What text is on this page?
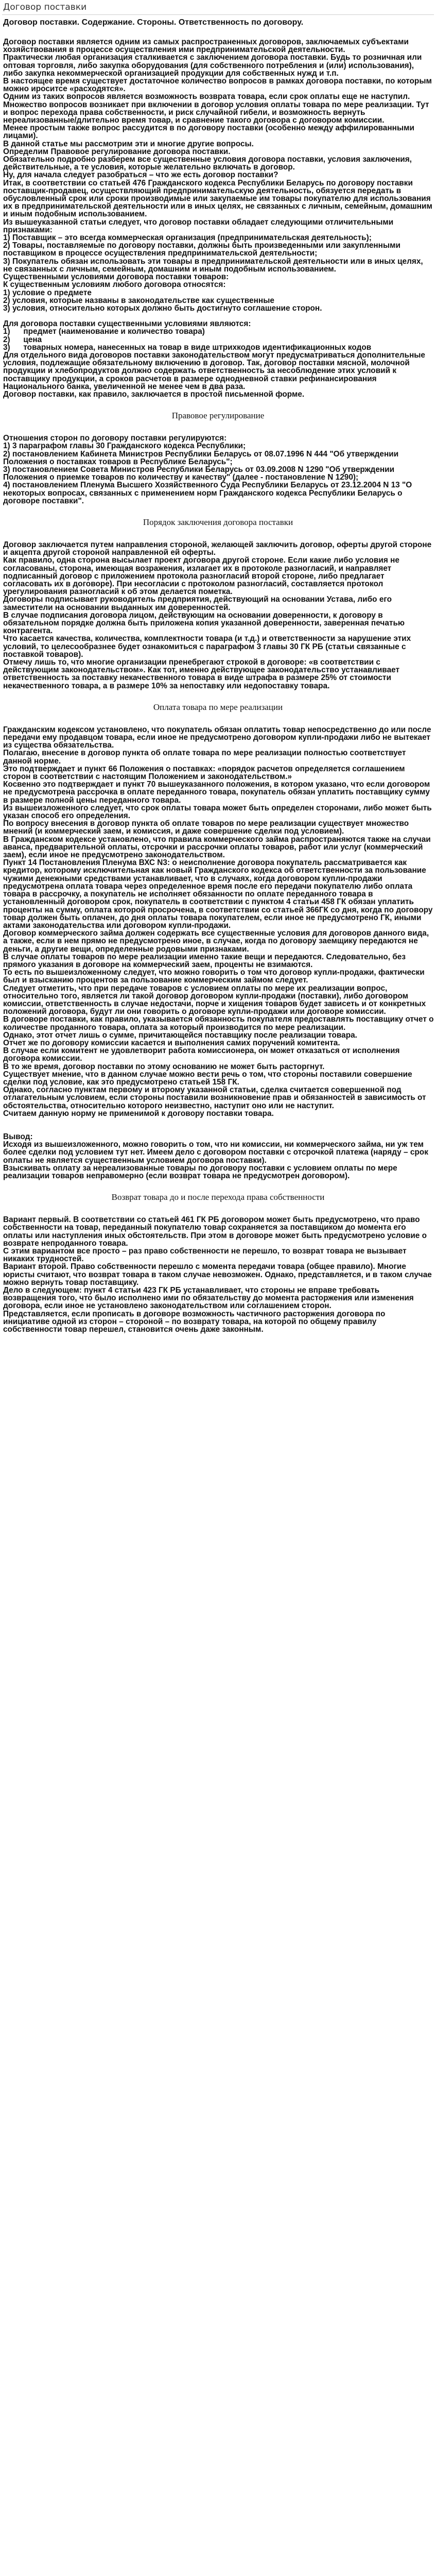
Договор поставки
Договор поставки. Содержание. Стороны. Ответственность по договору.

Договор поставки является одним из самых распространенных договоров, заключаемых субъектами хозяйствования в процессе осуществления ими предпринимательской деятельности.

Практически любая организация сталкивается с заключением договора поставки. Будь то розничная или оптовая торговля, либо закупка оборудования (для собственного потребления и (или) использования), либо закупка некоммерческой организацией продукции для собственных нужд и т.п.

В настоящее время существует достаточное количество вопросов в рамках договора поставки, по которым можно ироситсе «расходятся».

Одним из таких вопросов является возможность возврата товара, если срок оплаты еще не наступил.

Множество вопросов возникает при включении в договор условия оплаты товара по мере реализации. Тут и вопрос перехода права собственности, и риск случайной гибели, и возможность вернуть нереализованные/длительно время товар, и сравнение такого договора с договором комиссии.

Менее простым также вопрос рассудится в по договору поставки (особенно между аффилированными лицами).

В данной статье мы рассмотрим эти и многие другие вопросы.

Определим Правовое регулирование договора поставки.

Обязательно подробно разберем все существенные условия договора поставки, условия заключения, действительные, а те условия, которые желательно включать в договор.

Ну, для начала следует разобраться – что же есть договор поставки?

Итак, в соответствии со статьей 476 Гражданского кодекса Республики Беларусь по договору поставки поставщик-продавец, осуществляющий предпринимательскую деятельность, обязуется передать в обусловленный срок или сроки производимые или закупаемые им товары покупателю для использования их в предпринимательской деятельности или в иных целях, не связанных с личным, семейным, домашним и иным подобным использованием.

Из вышеуказанной статьи следует, что договор поставки обладает следующими отличительными признаками:

1) Поставщик – это всегда коммерческая организация (предпринимательская деятельность);

2) Товары, поставляемые по договору поставки, должны быть произведенными или закупленными поставщиком в процессе осуществления предпринимательской деятельности;

3) Покупатель обязан использовать эти товары в предпринимательской деятельности или в иных целях, не связанных с личным, семейным, домашним и иным подобным использованием.

Существенными условиями договора поставки товаров:

К существенным условиям любого договора относятся:

1) условие о предмете

2) условия, которые названы в законодательстве как существенные

3) условия, относительно которых должно быть достигнуто соглашение сторон.

Для договора поставки существенными условиями являются:

1)      предмет (наименование и количество товара)

2)      цена

3)      товарных номера, нанесенных на товар в виде штрихкодов идентификационных кодов

Для отдельного вида договоров поставки законодательством могут предусматриваться дополнительные условия, подлежащие обязательному включению в договор. Так, договор поставки мясной, молочной продукции и хлебопродуктов должно содержать ответственность за несоблюдение этих условий к поставщику продукции, а сроков расчетов в размере однодневной ставки рефинансирования Национального банка, увеличенной не менее чем в два раза.

Договор поставки, как правило, заключается в простой письменной форме.

Правовое регулирование

Отношения сторон по договору поставки регулируются:

1) 3 параграфом главы 30 Гражданского кодекса Республики;

2) постановлением Кабинета Министров Республики Беларусь от 08.07.1996 N 444 "Об утверждении Положения о поставках товаров в Республике Беларусь";

3) постановлением Совета Министров Республики Беларусь от 03.09.2008 N 1290 "Об утверждении Положения о приемке товаров по количеству и качеству" (далее - постановление N 1290);

4) постановлением Пленума Высшего Хозяйственного Суда Республики Беларусь от 23.12.2004 N 13 "О некоторых вопросах, связанных с применением норм Гражданского кодекса Республики Беларусь о договоре поставки".

Порядок заключения договора поставки

Договор заключается путем направления стороной, желающей заключить договор, оферты другой стороне и акцепта другой стороной направленной ей оферты.

Как правило, одна сторона высылает проект договора другой стороне. Если какие либо условия не согласованы, сторона, имеющая возражения, излагает их в протоколе разногласий, и направляет подписанный договор с приложением протокола разногласий второй стороне, либо предлагает согласовать их в договоре). При несогласии с протоколом разногласий, составляется протокол урегулирования разногласий к об этом делается пометка.

Договоры подписывает руководитель предприятия, действующий на основании Устава, либо его заместители на основании выданных им доверенностей.

В случае подписания договора лицом, действующим на основании доверенности, к договору в обязательном порядке должна быть приложена копия указанной доверенности, заверенная печатью контрагента.

Что касается качества, количества, комплектности товара (и т.д.) и ответственности за нарушение этих условий, то целесообразнее будет ознакомиться с параграфом 3 главы 30 ГК РБ (статьи связанные с поставкой товаров).

Отмечу лишь то, что многие организации пренебрегают строкой в договоре: «в соответствии с действующим законодательством». Как тот, именно действующее законодательство устанавливает ответственность за поставку некачественного товара в виде штрафа в размере 25% от стоимости некачественного товара, а в размере 10% за непоставку или недопоставку товара.

Оплата товара по мере реализации

Гражданским кодексом установлено, что покупатель обязан оплатить товар непосредственно до или после передачи ему продавцом товара, если иное не предусмотрено договором купли-продажи либо не вытекает из существа обязательства.

Полагаю, внесение в договор пункта об оплате товара по мере реализации полностью соответствует данной норме.

Это подтверждает и пункт 66 Положения о поставках: «порядок расчетов определяется соглашением сторон в соответствии с настоящим Положением и законодательством.»

Косвенно это подтверждает и пункт 70 вышеуказанного положения, в котором указано, что если договором не предусмотрена рассрочка в оплате переданного товара, покупатель обязан уплатить поставщику сумму в размере полной цены переданного товара.

Из вышеизложенного следует, что срок оплаты товара может быть определен сторонами, либо может быть указан способ его определения.

По вопросу внесения в договор пункта об оплате товаров по мере реализации существует множество мнений (и коммерческий заем, и комиссия, и даже совершение сделки под условием).

В Гражданском кодексе установлено, что правила коммерческого займа распространяются также на случаи аванса, предварительной оплаты, отсрочки и рассрочки оплаты товаров, работ или услуг (коммерческий заем), если иное не предусмотрено законодательством.

Пункт 14 Постановления Пленума ВХС N3: о неисполнение договора покупатель рассматривается как кредитор, которому исключительная как новый Гражданского кодекса об ответственности за пользование чужими денежными средствами устанавливает, что в случаях, когда договором купли-продажи предусмотрена оплата товара через определенное время после его передачи покупателю либо оплата товара в рассрочку, а покупатель не исполняет обязанности по оплате переданного товара в установленный договором срок, покупатель в соответствии с пунктом 4 статьи 458 ГК обязан уплатить проценты на сумму, оплата которой просрочена, в соответствии со статьей 366ГК со дня, когда по договору товар должен быть оплачен, до дня оплаты товара покупателем, если иное не предусмотрено ГК, иными актами законодательства или договором купли-продажи.

Договор коммерческого займа должен содержать все существенные условия для договоров данного вида, а также, если в нем прямо не предусмотрено иное, в случае, когда по договору заемщику передаются не деньги, а другие вещи, определенные родовыми признаками.

В случае оплаты товаров по мере реализации именно такие вещи и передаются. Следовательно, без прямого указания в договоре на коммерческий заем, проценты не взимаются.

То есть по вышеизложенному следует, что можно говорить о том что договор купли-продажи, фактически был и взысканию процентов за пользование коммерческим займом следует.

Следует отметить, что при передаче товаров с условием оплаты по мере их реализации вопрос, относительно того, является ли такой договор договором купли-продажи (поставки), либо договором комиссии, ответственность в случае недостачи, порче и хищения товаров будет зависеть и от конкретных положений договора, будут ли они говорить о договоре купли-продажи или договоре комиссии.

В договоре поставки, как правило, указывается обязанность покупателя предоставлять поставщику отчет о количестве проданного товара, оплата за который производится по мере реализации.

Однако, этот отчет лишь о сумме, причитающейся поставщику после реализации товара.

Отчет же по договору комиссии касается и выполнения самих поручений комитента.

В случае если комитент не удовлетворит работа комиссионера, он может отказаться от исполнения договора комиссии.

В то же время, договор поставки по этому основанию не может быть расторгнут.

Существует мнение, что в данном случае можно вести речь о том, что стороны поставили совершение сделки под условие, как это предусмотрено статьей 158 ГК.

Однако, согласно пунктам первому и второму указанной статьи, сделка считается совершенной под отлагательным условием, если стороны поставили возникновение прав и обязанностей в зависимость от обстоятельства, относительно которого неизвестно, наступит оно или не наступит.

Считаем данную норму не применимой к договору поставки товара.

Вывод:

Исходя из вышеизложенного, можно говорить о том, что ни комиссии, ни коммерческого займа, ни уж тем более сделки под условием тут нет. Имеем дело с договором поставки с отсрочкой платежа (наряду – срок оплаты не является существенным условием договора поставки).

Взыскивать оплату за нереализованные товары по договору поставки с условием оплаты по мере реализации товаров неправомерно (если возврат товара не предусмотрен договором).

Возврат товара до и после перехода права собственности

Вариант первый. В соответствии со статьей 461 ГК РБ договором может быть предусмотрено, что право собственности на товар, переданный покупателю товар сохраняется за поставщиком до момента его оплаты или наступления иных обстоятельств. При этом в договоре может быть предусмотрено условие о возврате непроданного товара.

С этим вариантом все просто – раз право собственности не перешло, то возврат товара не вызывает никаких трудностей.

Вариант второй. Право собственности перешло с момента передачи товара (общее правило). Многие юристы считают, что возврат товара в таком случае невозможен. Однако, представляется, и в таком случае можно вернуть товар поставщику.

Дело в следующем: пункт 4 статьи 423 ГК РБ устанавливает, что стороны не вправе требовать возвращения того, что было исполнено ими по обязательству до момента расторжения или изменения договора, если иное не установлено законодательством или соглашением сторон.

Представляется, если прописать в договоре возможность частичного расторжения договора по инициативе одной из сторон – стороной – по возврату товара, на которой по общему правилу собственности товар перешел, становится очень даже законным.
